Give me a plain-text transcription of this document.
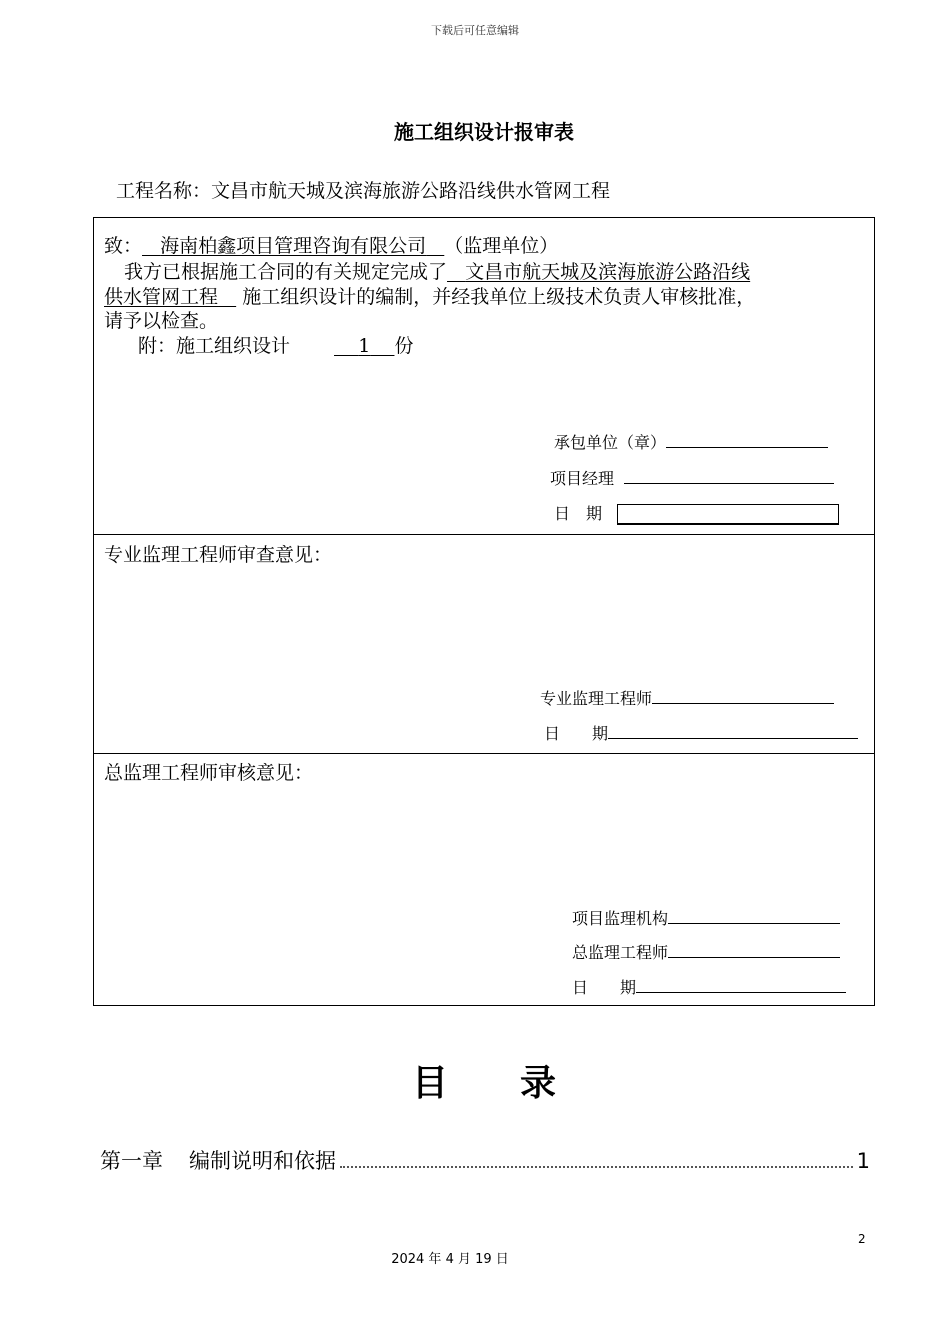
下载后可任意编辑
施工组织设计报审表
工程名称：文昌市航天城及滨海旅游公路沿线供水管网工程
致： 海南柏鑫项目管理咨询有限公司 （监理单位）
我方已根据施工合同的有关规定完成了 文昌市航天城及滨海旅游公路沿线
供水管网工程 施工组织设计的编制，并经我单位上级技术负责人审核批准，
请予以检查。
附：施工组织设计	1 份
承包单位（章）
项目经理
日　期
专业监理工程师审查意见：
专业监理工程师
日　　期
总监理工程师审核意见：
项目监理机构
总监理工程师
日　　期
目　　录
第一章 编制说明和依据	1
2
2024 年 4 月 19 日
